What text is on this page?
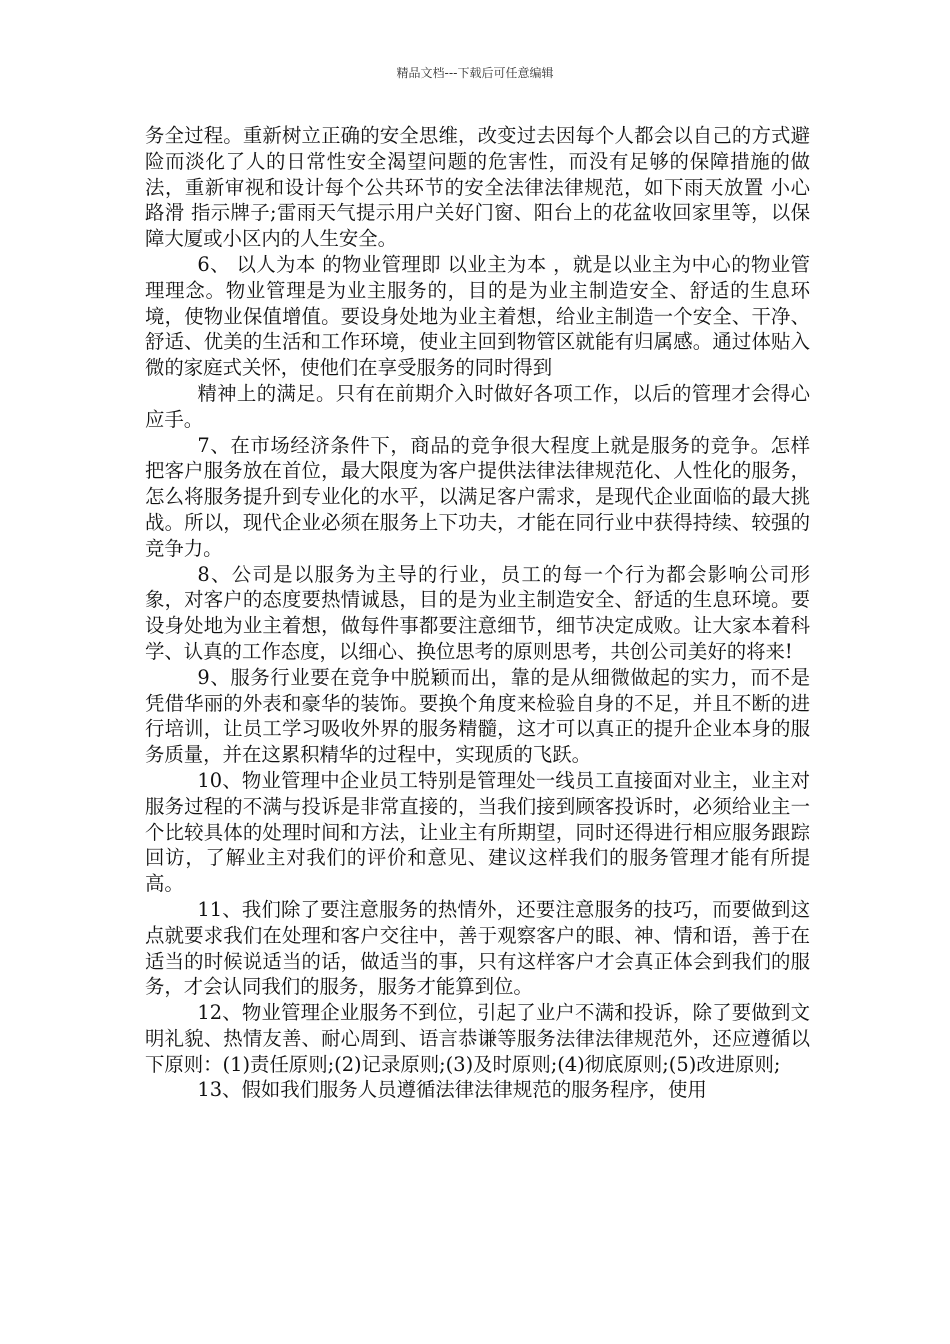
精品文档---下载后可任意编辑

务全过程。重新树立正确的安全思维，改变过去因每个人都会以自己的方式避险而淡化了人的日常性安全渴望问题的危害性，而没有足够的保障措施的做法，重新审视和设计每个公共环节的安全法律法律规范，如下雨天放置 小心路滑 指示牌子;雷雨天气提示用户关好门窗、阳台上的花盆收回家里等，以保障大厦或小区内的人生安全。

6、 以人为本 的物业管理即 以业主为本 ，就是以业主为中心的物业管理理念。物业管理是为业主服务的，目的是为业主制造安全、舒适的生息环境，使物业保值增值。要设身处地为业主着想，给业主制造一个安全、干净、舒适、优美的生活和工作环境，使业主回到物管区就能有归属感。通过体贴入微的家庭式关怀，使他们在享受服务的同时得到

精神上的满足。只有在前期介入时做好各项工作，以后的管理才会得心应手。

7、在市场经济条件下，商品的竞争很大程度上就是服务的竞争。怎样把客户服务放在首位，最大限度为客户提供法律法律规范化、人性化的服务，怎么将服务提升到专业化的水平，以满足客户需求，是现代企业面临的最大挑战。所以，现代企业必须在服务上下功夫，才能在同行业中获得持续、较强的竞争力。

8、公司是以服务为主导的行业，员工的每一个行为都会影响公司形象，对客户的态度要热情诚恳，目的是为业主制造安全、舒适的生息环境。要设身处地为业主着想，做每件事都要注意细节，细节决定成败。让大家本着科学、认真的工作态度，以细心、换位思考的原则思考，共创公司美好的将来!

9、服务行业要在竞争中脱颖而出，靠的是从细微做起的实力，而不是凭借华丽的外表和豪华的装饰。要换个角度来检验自身的不足，并且不断的进行培训，让员工学习吸收外界的服务精髓，这才可以真正的提升企业本身的服务质量，并在这累积精华的过程中，实现质的飞跃。

10、物业管理中企业员工特别是管理处一线员工直接面对业主，业主对服务过程的不满与投诉是非常直接的，当我们接到顾客投诉时，必须给业主一个比较具体的处理时间和方法，让业主有所期望，同时还得进行相应服务跟踪回访，了解业主对我们的评价和意见、建议这样我们的服务管理才能有所提高。

11、我们除了要注意服务的热情外，还要注意服务的技巧，而要做到这点就要求我们在处理和客户交往中，善于观察客户的眼、神、情和语，善于在适当的时候说适当的话，做适当的事，只有这样客户才会真正体会到我们的服务，才会认同我们的服务，服务才能算到位。

12、物业管理企业服务不到位，引起了业户不满和投诉，除了要做到文明礼貌、热情友善、耐心周到、语言恭谦等服务法律法律规范外，还应遵循以下原则：(1)责任原则;(2)记录原则;(3)及时原则;(4)彻底原则;(5)改进原则;

13、假如我们服务人员遵循法律法律规范的服务程序，使用
